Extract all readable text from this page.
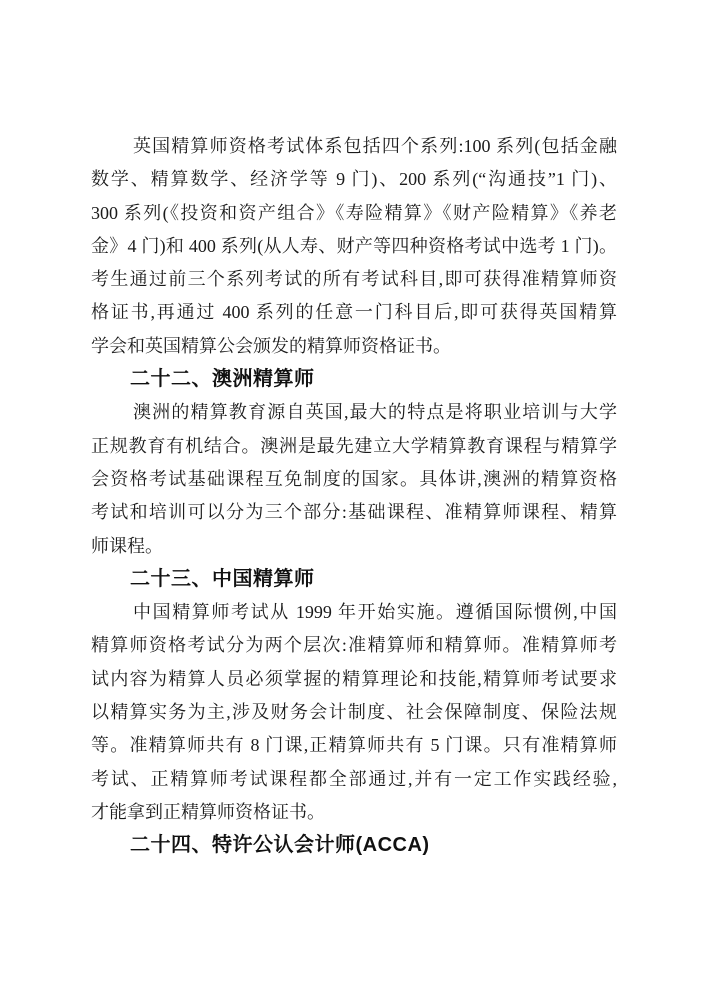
英国精算师资格考试体系包括四个系列:100 系列(包括金融
数学、精算数学、经济学等 9 门)、200 系列(“沟通技”1 门)、
300 系列(《投资和资产组合》《寿险精算》《财产险精算》《养老
金》4 门)和 400 系列(从人寿、财产等四种资格考试中选考 1 门)。
考生通过前三个系列考试的所有考试科目,即可获得准精算师资
格证书,再通过 400 系列的任意一门科目后,即可获得英国精算
学会和英国精算公会颁发的精算师资格证书。
二十二、澳洲精算师
澳洲的精算教育源自英国,最大的特点是将职业培训与大学
正规教育有机结合。澳洲是最先建立大学精算教育课程与精算学
会资格考试基础课程互免制度的国家。具体讲,澳洲的精算资格
考试和培训可以分为三个部分:基础课程、准精算师课程、精算
师课程。
二十三、中国精算师
中国精算师考试从 1999 年开始实施。遵循国际惯例,中国
精算师资格考试分为两个层次:准精算师和精算师。准精算师考
试内容为精算人员必须掌握的精算理论和技能,精算师考试要求
以精算实务为主,涉及财务会计制度、社会保障制度、保险法规
等。准精算师共有 8 门课,正精算师共有 5 门课。只有准精算师
考试、正精算师考试课程都全部通过,并有一定工作实践经验,
才能拿到正精算师资格证书。
二十四、特许公认会计师(ACCA)
